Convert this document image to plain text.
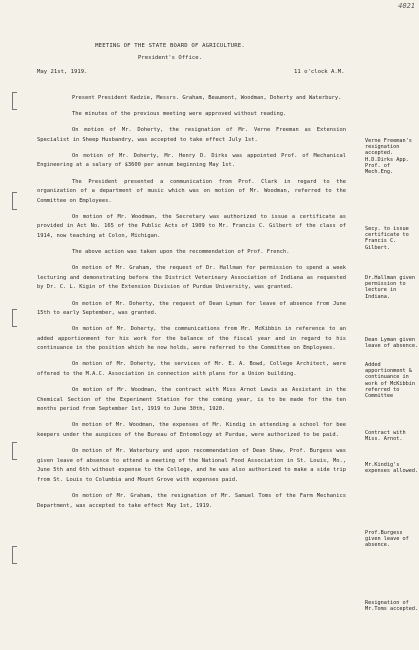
4021
MEETING OF THE STATE BOARD OF AGRICULTURE.
President's Office.
May 21st, 1919.	11 o'clock A.M.

Present President Kedzie, Messrs. Graham, Beaumont, Woodman, Doherty and Waterbury.

The minutes of the previous meeting were approved without reading.

On motion of Mr. Doherty, the resignation of Mr. Verne Freeman as Extension Specialist in Sheep Husbandry, was accepted to take effect July 1st.

On motion of Mr. Doherty, Mr. Henry D. Dirks was appointed Prof. of Mechanical Engineering at a salary of $3600 per annum beginning May 1st.

The President presented a communication from Prof. Clark in regard to the organization of a department of music which was on motion of Mr. Woodman, referred to the Committee on Employees.

On motion of Mr. Woodman, the Secretary was authorized to issue a certificate as provided in Act No. 165 of the Public Acts of 1909 to Mr. Francis C. Gilbert of the class of 1914, now teaching at Colon, Michigan.

The above action was taken upon the recommendation of Prof. French.

On motion of Mr. Graham, the request of Dr. Hallman for permission to spend a week lecturing and demonstrating before the District Veterinary Association of Indiana as requested by Dr. C. L. Kigin of the Extension Division of Purdue University, was granted.

On motion of Mr. Doherty, the request of Dean Lyman for leave of absence from June 15th to early September, was granted.

On motion of Mr. Doherty, the communications from Mr. McKibbin in reference to an added apportionment for his work for the balance of the fiscal year and in regard to his continuance in the position which he now holds, were referred to the Committee on Employees.

On motion of Mr. Doherty, the services of Mr. E. A. Bowd, College Architect, were offered to the M.A.C. Association in connection with plans for a Union building.

On motion of Mr. Woodman, the contract with Miss Arnot Lewis as Assistant in the Chemical Section of the Experiment Station for the coming year, is to be made for the ten months period from September 1st, 1919 to June 30th, 1920.

On motion of Mr. Woodman, the expenses of Mr. Kindig in attending a school for bee keepers under the auspices of the Bureau of Entomology at Purdue, were authorized to be paid.

On motion of Mr. Waterbury and upon recommendation of Dean Shaw, Prof. Burgess was given leave of absence to attend a meeting of the National Food Association in St. Louis, Mo., June 5th and 6th without expense to the College, and he was also authorized to make a side trip from St. Louis to Columbia and Mount Grove with expenses paid.

On motion of Mr. Graham, the resignation of Mr. Samuel Toms of the Farm Mechanics Department, was accepted to take effect May 1st, 1919.

Verne Freeman's resignation accepted. H.D.Dirks App. Prof. of Mech.Eng.
Secy. to issue certificate to Francis C. Gilbert.
Dr.Hallman given permission to lecture in Indiana.
Dean Lyman given leave of absence.
Added apportionment & continuance in work of McKibbin referred to Committee
Contract with Miss. Arnot.
Mr.Kindig's expenses allowed.
Prof.Burgess given leave of absence.
Resignation of Mr.Toms accepted.
